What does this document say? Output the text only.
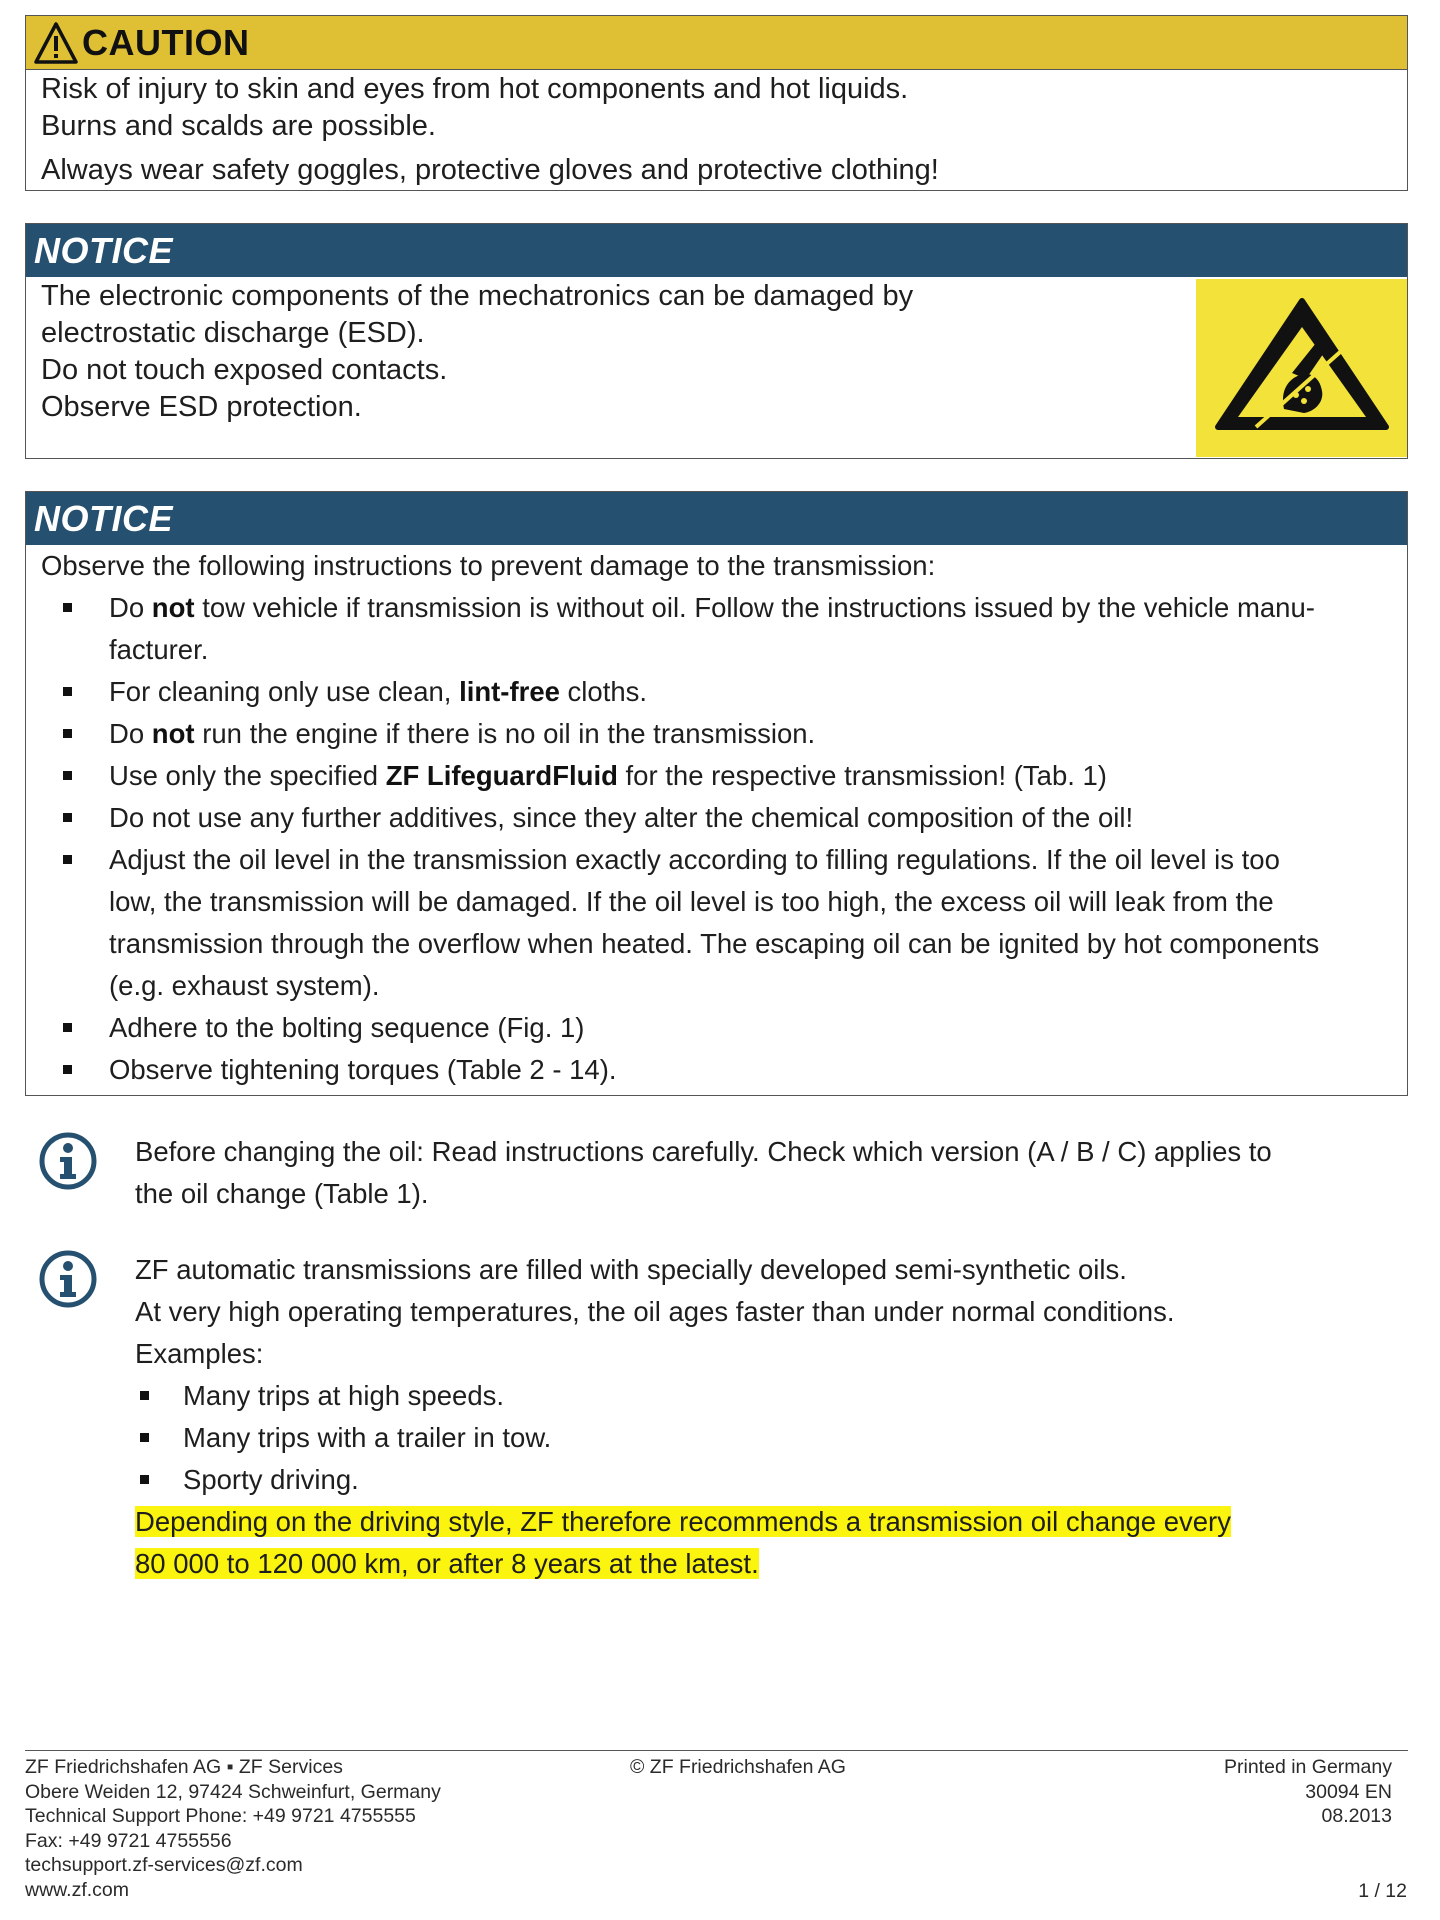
CAUTION
Risk of injury to skin and eyes from hot components and hot liquids.
Burns and scalds are possible.
Always wear safety goggles, protective gloves and protective clothing!
NOTICE
The electronic components of the mechatronics can be damaged by
electrostatic discharge (ESD).
Do not touch exposed contacts.
Observe ESD protection.
NOTICE
Observe the following instructions to prevent damage to the transmission:
Do not tow vehicle if transmission is without oil. Follow the instructions issued by the vehicle manu-
facturer.
For cleaning only use clean, lint-free cloths.
Do not run the engine if there is no oil in the transmission.
Use only the specified ZF LifeguardFluid for the respective transmission! (Tab. 1)
Do not use any further additives, since they alter the chemical composition of the oil!
Adjust the oil level in the transmission exactly according to filling regulations. If the oil level is too
low, the transmission will be damaged. If the oil level is too high, the excess oil will leak from the
transmission through the overflow when heated. The escaping oil can be ignited by hot components
(e.g. exhaust system).
Adhere to the bolting sequence (Fig. 1)
Observe tightening torques (Table 2 - 14).
Before changing the oil: Read instructions carefully. Check which version (A / B / C) applies to
the oil change (Table 1).
ZF automatic transmissions are filled with specially developed semi-synthetic oils.
At very high operating temperatures, the oil ages faster than under normal conditions.
Examples:
Many trips at high speeds.
Many trips with a trailer in tow.
Sporty driving.
Depending on the driving style, ZF therefore recommends a transmission oil change every
80 000 to 120 000 km, or after 8 years at the latest.
ZF Friedrichshafen AG ▪ ZF Services
Obere Weiden 12, 97424 Schweinfurt, Germany
Technical Support Phone: +49 9721 4755555
Fax: +49 9721 4755556
techsupport.zf-services@zf.com
www.zf.com
© ZF Friedrichshafen AG	Printed in Germany
30094 EN
08.2013
1 / 12
